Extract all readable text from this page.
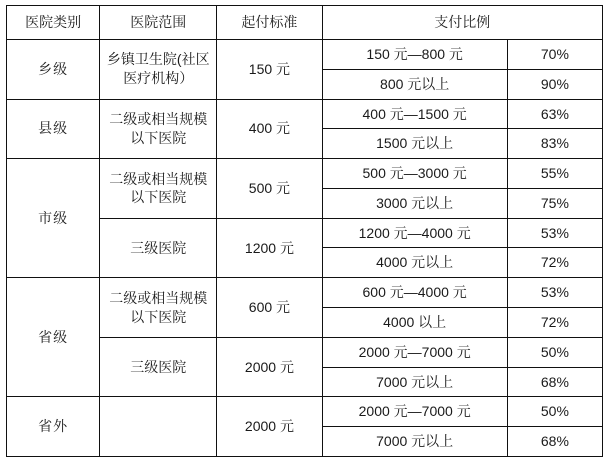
医院类别	医院范围	起付标准	支付比例	
乡级	乡镇卫生院(社区医疗机构）	150 元	150 元—800 元	70%
			800 元以上	90%
县级	二级或相当规模以下医院	400 元	400 元—1500 元	63%
			1500 元以上	83%
市级	二级或相当规模以下医院	500 元	500 元—3000 元	55%
			3000 元以上	75%
	三级医院	1200 元	1200 元—4000 元	53%
			4000 元以上	72%
省级	二级或相当规模以下医院	600 元	600 元—4000 元	53%
			4000 以上	72%
	三级医院	2000 元	2000 元—7000 元	50%
			7000 元以上	68%
省外		2000 元	2000 元—7000 元	50%
			7000 元以上	68%
